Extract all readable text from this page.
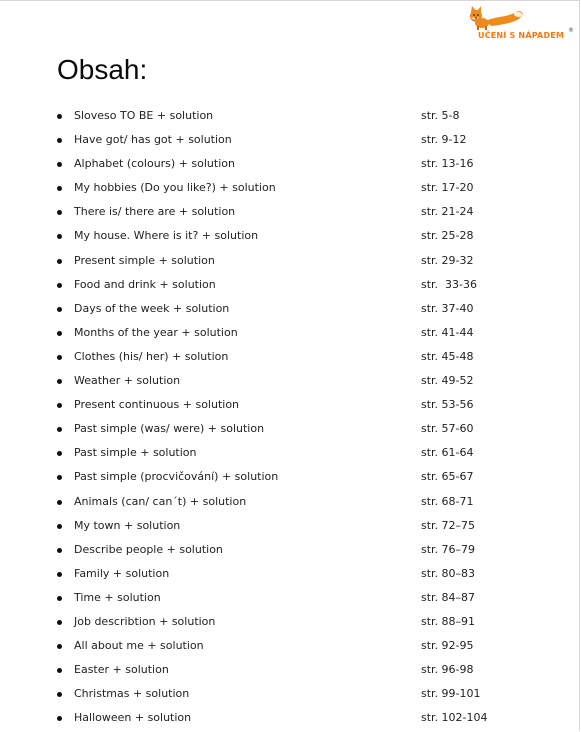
UČENÍ S NÁPADEM
®
Obsah:
Sloveso TO BE + solution	str. 5-8
Have got/ has got + solution	str. 9-12
Alphabet (colours) + solution	str. 13-16
My hobbies (Do you like?) + solution	str. 17-20
There is/ there are + solution	str. 21-24
My house. Where is it? + solution	str. 25-28
Present simple + solution	str. 29-32
Food and drink + solution	str.  33-36
Days of the week + solution	str. 37-40
Months of the year + solution	str. 41-44
Clothes (his/ her) + solution	str. 45-48
Weather + solution	str. 49-52
Present continuous + solution	str. 53-56
Past simple (was/ were) + solution	str. 57-60
Past simple + solution	str. 61-64
Past simple (procvičování) + solution	str. 65-67
Animals (can/ can´t) + solution	str. 68-71
My town + solution	str. 72–75
Describe people + solution	str. 76–79
Family + solution	str. 80–83
Time + solution	str. 84–87
Job describtion + solution	str. 88–91
All about me + solution	str. 92-95
Easter + solution	str. 96-98
Christmas + solution	str. 99-101
Halloween + solution	str. 102-104
